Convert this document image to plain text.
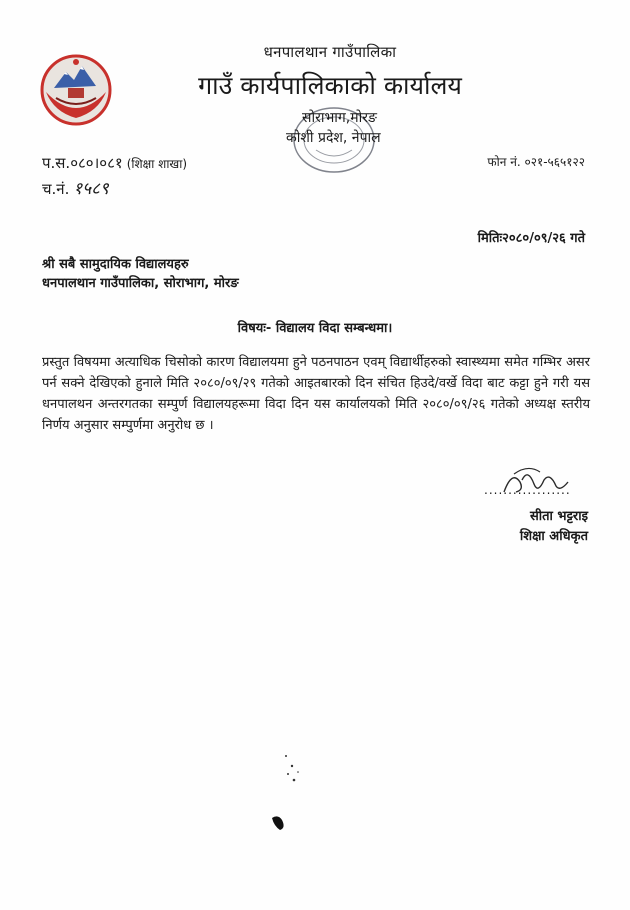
धनपालथान गाउँपालिका
गाउँ कार्यपालिकाको कार्यालय
सोराभाग,मोरङ
कोशी प्रदेश, नेपाल
प.स.०८०।०८१ (शिक्षा शाखा)	फोन नं. ०२१-५६५१२२
च.नं. १५८९
मितिः२०८०/०९/२६ गते
श्री सबै सामुदायिक विद्यालयहरु
धनपालथान गाउँपालिका, सोराभाग, मोरङ
विषयः- विद्यालय विदा सम्बन्धमा।
प्रस्तुत विषयमा अत्याधिक चिसोको कारण विद्यालयमा हुने पठनपाठन एवम् विद्यार्थीहरुको स्वास्थ्यमा समेत गम्भिर असर पर्न सक्ने देखिएको हुनाले मिति २०८०/०९/२९ गतेको आइतबारको दिन संचित हिउदे/वर्खे विदा बाट कट्टा हुने गरी यस धनपालथन अन्तरगतका सम्पुर्ण विद्यालयहरूमा विदा दिन यस कार्यालयको मिति २०८०/०९/२६ गतेको अध्यक्ष स्तरीय निर्णय अनुसार सम्पुर्णमा अनुरोध छ ।
..................
सीता भट्टराइ
शिक्षा अधिकृत
